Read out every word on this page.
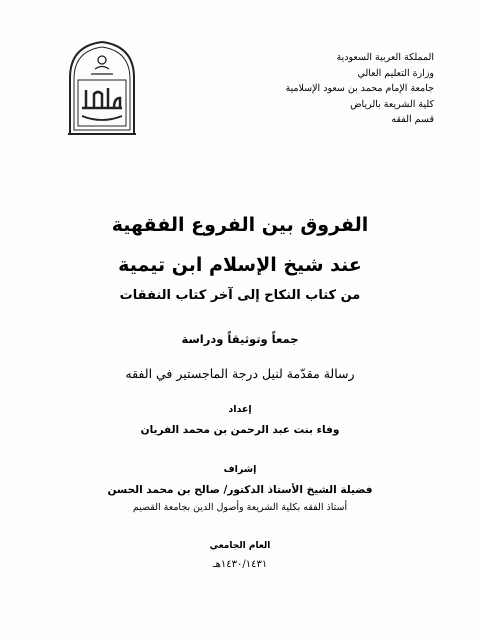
المملكة العربية السعودية
وزارة التعليم العالي
جامعة الإمام محمد بن سعود الإسلامية
كلية الشريعة بالرياض
قسم الفقه
الفروق بين الفروع الفقهية
عند شيخ الإسلام ابن تيمية
من كتاب النكاح إلى آخر كتاب النفقات
جمعاً وتوثيقاً ودراسة
رسالة مقدّمة لنيل درجة الماجستير في الفقه
إعداد
وفاء بنت عبد الرحمن بن محمد الفريان
إشراف
فضيلة الشيخ الأستاذ الدكتور/ صالح بن محمد الحسن
أستاذ الفقه بكلية الشريعة وأصول الدين بجامعة القصيم
العام الجامعي
١٤٣٠/١٤٣١هـ
